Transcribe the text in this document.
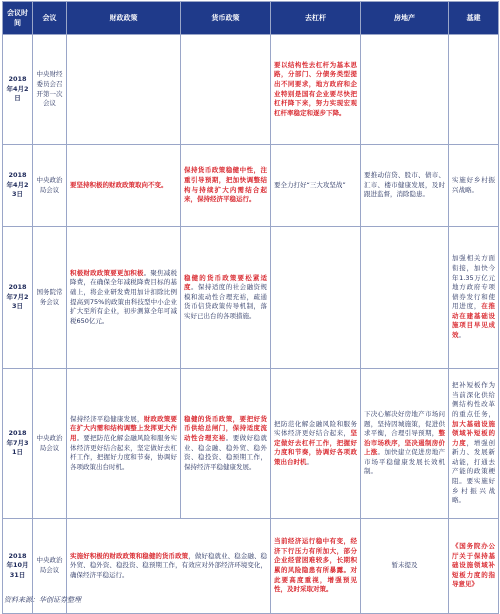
会议时间	会议	财政政策	货币政策	去杠杆	房地产	基建
2018年4月2日	中央财经委员会召开第一次会议			要以结构性去杠杆为基本思路，分部门、分债务类型提出不同要求，地方政府和企业特别是国有企业要尽快把杠杆降下来，努力实现宏观杠杆率稳定和逐步下降。		
2018年4月23日	中央政治局会议	要坚持积极的财政政策取向不变。	保持货币政策稳健中性，注重引导预期，把加快调整结构与持续扩大内需结合起来，保持经济平稳运行。	要全力打好“三大攻坚战”	要推动信贷、股市、债市、汇市、楼市健康发展，及时跟进监督，消除隐患。	实施好乡村振兴战略。
2018年7月23日	国务院常务会议	积极财政政策要更加积极。聚焦减税降费，在确保全年减税降费目标的基础上，将企业研发费用加计扣除比例提高到75%的政策由科技型中小企业扩大至所有企业，初步测算全年可减税650亿元。	稳健的货币政策要松紧适度。保持适度的社会融资规模和流动性合理充裕，疏通货币信贷政策传导机制，落实好已出台的各项措施。			加强相关方面衔接，加快今年1.35万亿元地方政府专项债券发行和使用进度，在推动在建基础设施项目早见成效。
2018年7月31日	中央政治局会议	保持经济平稳健康发展，财政政策要在扩大内需和结构调整上发挥更大作用。要把防范化解金融风险和服务实体经济更好结合起来，坚定做好去杠杆工作，把握好力度和节奏，协调好各项政策出台时机。	稳健的货币政策，要把好货币供给总闸门，保持适度流动性合理充裕。要做好稳就业、稳金融、稳外贸、稳外资、稳投资、稳预期工作，保持经济平稳健康发展。	把防范化解金融风险和服务实体经济更好结合起来，坚定做好去杠杆工作，把握好力度和节奏，协调好各项政策出台时机。	下决心解决好房地产市场问题，坚持因城施策，促进供求平衡，合理引导预期，整治市场秩序，坚决遏制房价上涨。加快建立促进房地产市场平稳健康发展长效机制。	把补短板作为当前深化供给侧结构性改革的重点任务，加大基础设施领域补短板的力度，增强创新力、发展新动能，打通去产能的政策梗阻。要实施好乡村振兴战略。
2018年10月31日	中央政治局会议	实施好积极的财政政策和稳健的货币政策，做好稳就业、稳金融、稳外贸、稳外资、稳投资、稳预期工作，有效应对外部经济环境变化，确保经济平稳运行。		当前经济运行稳中有变，经济下行压力有所加大，部分企业经营困难较多，长期积累的风险隐患有所暴露。对此要高度重视，增强预见性，及时采取对策。	暂未提及	《国务院办公厅关于保持基础设施领域补短板力度的指导意见》
资料来源：华创证券整理
